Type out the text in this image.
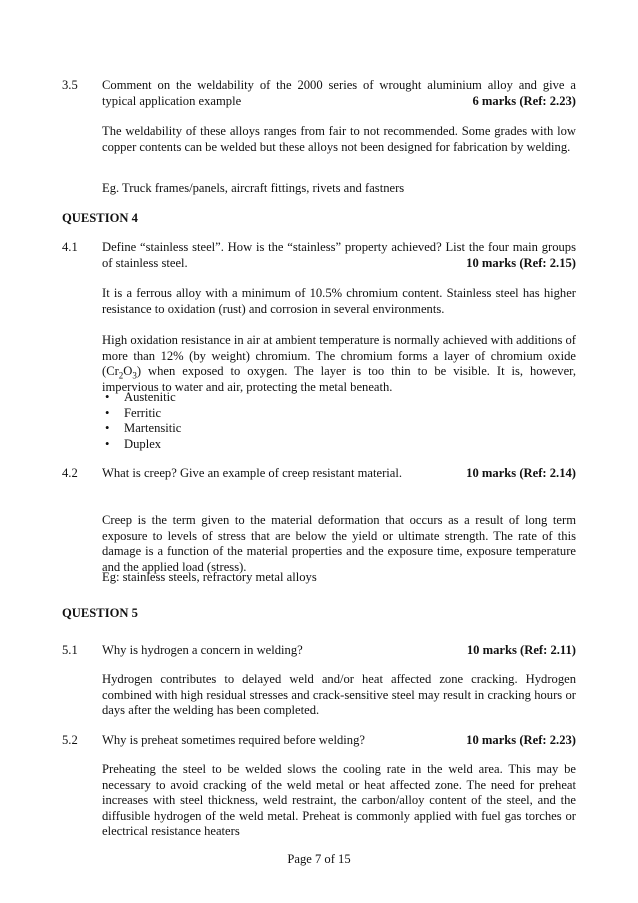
3.5	Comment on the weldability of the 2000 series of wrought aluminium alloy and give a
typical application example	6 marks (Ref: 2.23)
The weldability of these alloys ranges from fair to not recommended. Some grades with low copper contents can be welded but these alloys not been designed for fabrication by welding.
Eg. Truck frames/panels, aircraft fittings, rivets and fastners
QUESTION 4
4.1	Define “stainless steel”. How is the “stainless” property achieved? List the four main groups
of stainless steel.	10 marks (Ref: 2.15)
It is a ferrous alloy with a minimum of 10.5% chromium content. Stainless steel has higher resistance to oxidation (rust) and corrosion in several environments.
High oxidation resistance in air at ambient temperature is normally achieved with additions of more than 12% (by weight) chromium. The chromium forms a layer of chromium oxide $(Cr_2O_3)$ when exposed to oxygen. The layer is too thin to be visible. It is, however, impervious to water and air, protecting the metal beneath.
• Austenitic
• Ferritic
• Martensitic
• Duplex
4.2	What is creep? Give an example of creep resistant material.	10 marks (Ref: 2.14)
Creep is the term given to the material deformation that occurs as a result of long term exposure to levels of stress that are below the yield or ultimate strength. The rate of this damage is a function of the material properties and the exposure time, exposure temperature and the applied load (stress).
Eg: stainless steels, refractory metal alloys
QUESTION 5
5.1	Why is hydrogen a concern in welding?	10 marks (Ref: 2.11)
Hydrogen contributes to delayed weld and/or heat affected zone cracking. Hydrogen combined with high residual stresses and crack-sensitive steel may result in cracking hours or days after the welding has been completed.
5.2	Why is preheat sometimes required before welding?	10 marks (Ref: 2.23)
Preheating the steel to be welded slows the cooling rate in the weld area. This may be necessary to avoid cracking of the weld metal or heat affected zone. The need for preheat increases with steel thickness, weld restraint, the carbon/alloy content of the steel, and the diffusible hydrogen of the weld metal. Preheat is commonly applied with fuel gas torches or electrical resistance heaters
Page 7 of 15
